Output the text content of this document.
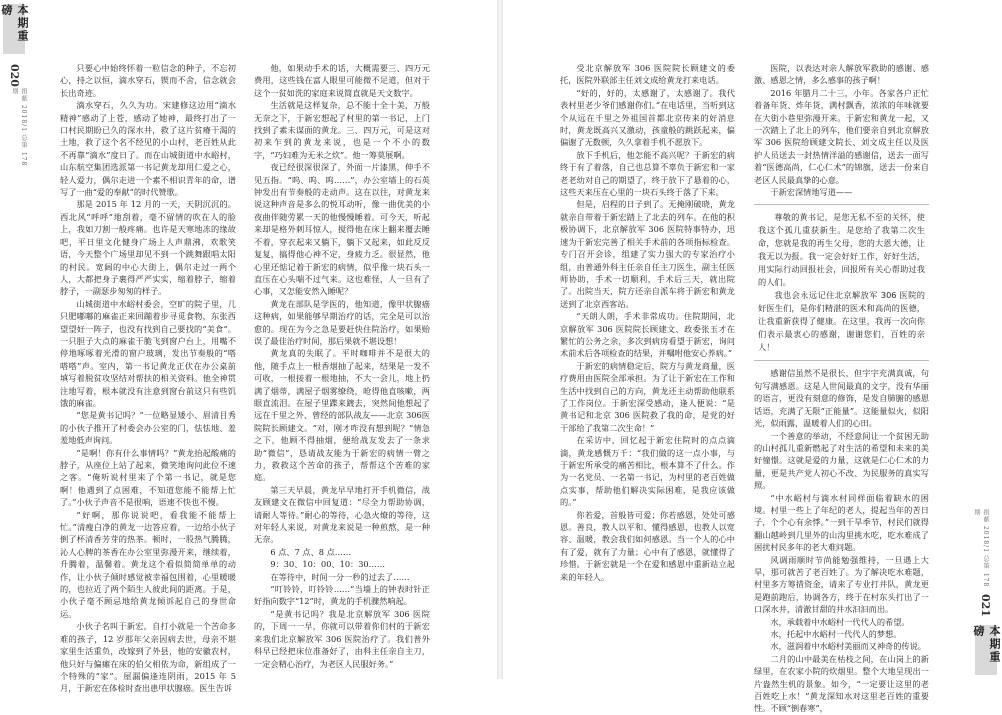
本期重磅
020
捐献 2018/1 总第 178 期

只要心中始终怀着一粒信念的种子，不忘初心，持之以恒，滴水穿石，锲而不舍，信念就会长出奇迹。

滴水穿石，久久为功。宋建修这边用“滴水精神”感动了上苍，感动了她神，最终打出了一口村民期盼已久的深水井，救了这片贫瘠干渴的土地，救了这个名不经见的小山村，老百姓从此不再靠“滴水”度日了。而在山城街道中水峪村，山东航空集团选派第一书记黄龙却用仁爱之心，轻人爱力，偶尔走进一个素不相识青年的命，谱写了一曲“爱的奉献”的时代赞歌。

那是 2015 年 12 月的一天，天阴沉沉的。西北风“呼呼”地刮着，毫不留情的吹在人的脸上，我如刀割一般疼痛。也许是天寒地冻的缘故吧，平日里文化健身广场上人声鼎沸，欢歌笑语，今天整个广场里却见不到一个跳舞跟唱太阳的村民。宽阔的中心大街上，偶尔走过一两个人，大都把身子裹得严严实实，缩着脖子，缩着脖子，一副瑟步匆匆的样子。

山城街道中水峪村委会，空旷的院子里，几只肥嘟嘟的麻雀正来回蹦着步寻觅食物，东张西望望好一阵子，也没有找到自己要找的“美食”。一只胆子大点的麻雀干脆飞到窗户台上，用嘴不停地啄啄着光滑的窗户玻璃，发出节奏般的“嗒嗒嗒”声。室内，第一书记黄龙正伏在办公桌前填写着脱贫攻坚结对帮扶的相关资料。他全神贯注地写着，根本就没有注意到窗台前这只有些饥饿的麻雀。

“您是黄书记吗？”一位略显矮小、眉清目秀的小伙子推开了村委会办公室的门，怯怯地、羞羞地低声询问。

“是啊！你有什么事情吗？”黄龙抬起酸痛的脖子，从座位上站了起来，微笑地询问此位不速之客。“俺听说村里来了个第一书记，就是您啊！他遇到了点困难，不知道您能不能帮上忙了。”小伙子声音不是很响，语速不快也不慢。

“好啊，那你说说吧，看我能不能帮上忙。”清瘦白净的黄龙一边答应着，一边给小伙子倒了杯清香芳芽的热茶。顿时，一股热气腾腾，沁人心脾的茶香在办公室里弥漫开来，继续着，升腾着，温馨着。黄龙这个看似简简单单的动作，让小伙子倾时感觉被幸福包围着，心里暖暖的，也拉近了两个陌生人彼此间的距离。于是，小伙子毫不顾忌地给黄龙倾诉起自己的身世命运。

小伙子名叫于新宏，自打小就是一个苦命多难的孩子，12 岁那年父亲因病去世，母亲不堪家里生活重负，改嫁到了外县，他的安徽农村，他只好与偏瘫在床的伯父相依为命，新组成了一个特殊的“家”。屋漏偏逢连阴雨，2015 年 5 月，于新宏在体检时查出患甲状腺癌。医生告诉

他，如果动手术的话，大概需要三、四万元费用，这些钱在富人眼里可能微不足道，但对于这个一贫如洗的家庭来说简直就是天文数字。

生活就是这样复杂，总不能十全十美，万般无奈之下，于新宏想起了村里的第一书记，上门找到了素未谋面的黄龙。三、四万元，可是这对初来乍到的黄龙来说，也是一个不小的数字，“巧妇难为无米之炊”。他一筹莫展啊。

夜已经很深很深了，外面一片漆黑，伸手不见五指。“呜、呜、呜……”，办公室墙上的石英钟发出有节奏般的走动声。这在以往，对黄龙来说这种声音是多么的悦耳动听，像一曲优美的小夜曲伴随劳累一天的他慢慢睡着。可今天，听起来却是格外刺耳惊人，搅得他在床上翻来覆去睡不着，穿衣起来又躺下，躺下又起来，如此反反复复，搞得他心神不定，身疲力乏。很显然，他心里还惦记着于新宏的病情，似乎像一块石头一直压在心头喘不过气来。这也难怪，人一旦有了心事，又怎能安然入睡呢？

黄龙在部队是学医的，他知道，像甲状腺癌这种病，如果能够早期治疗的话，完全是可以治愈的。现在为今之急是要赶快住院治疗，如果贻误了最佳治疗时间，那后果就不堪设想！

黄龙真的失眠了。平时咖啡并不是很大的他，随手点上一根香烟抽了起来，结果是一发不可收，一根接着一根地抽，不大一会儿，地上扔满了烟蒂，满屋子烟雾缭绕，呛得他直咳嗽，两眼直流泪。在屋子里蹀来踱去，突然间他想起了远在千里之外、曾经的部队战友——北京 306医院院长顾建文。“对，刚才咋没有想到呢？”情急之下，他顾不得抽烟，便给战友发去了一条求助“微信”，恳请战友能为于新宏的病情一臂之力，救救这个苦命的孩子，帮帮这个苦难的家庭。

第三天早晨，黄龙早早地打开手机微信，战友顾建文在微信中回复道：“尽全力帮助协调，请耐人等待。”耐心的等待，心急火燎的等待，这对年轻人来说，对黄龙来说是一种煎熬，是一种无奈。

6 点、7 点、8 点……

9：30、10：00、10：30……

在等待中，时间一分一秒的过去了……

“叮铃铃，叮铃铃……”当墙上的钟表时针正好指向数字“12”时，黄龙的手机骤然响起。

“是黄书记吗？我是北京解放军 306 医院的，下周一一早，你就可以带着你们村的于新宏来我们北京解放军 306 医院治疗了。我们普外科早已经把床位准备好了，由科主任亲自主刀，一定会精心治疗，为老区人民服好务。”

受北京解放军 306 医院院长顾建文的委托，医院外联部主任刘文成给黄龙打来电话。

“好的，好的，太感谢了，太感谢了。我代表村里老少爷们感谢你们。”在电话里，当听到这个从远在千里之外祖国首都北京传来的好消息时，黄龙既高兴又激动，孩童般的跳跃起来，偏偏谢了无数顿，久久拿着手机不愿放下。

放下手机后，他怎能不高兴呢？于新宏的病终于有了着落，自己也总算不辜负于新宏和一家老老幼对自己的期望了，终于放下了悬着的心，这些天来压在心里的一块石头终于落了下来。

但是，启程的日子到了。无掩刚破晓，黄龙就亲自带着于新宏踏上了北去的列车。在他的积极协调下，北京解放军 306 医院特事特办，迅速为于新宏完善了相关手术前的各项指标检查。专门召开会诊，组建了实力强大的专家治疗小组，由普通外科主任亲自任主刀医生，副主任医师协助，手术一切顺利，手术后三天，就出院了。出院当天，院方还亲自派车将于新宏和黄龙送到了北京西客站。

“天朗人朗，手术非常成功。住院期间，北京解放军 306 医院院长顾建文、政委张玉才在繁忙的公务之余，多次到病房看望于新宏，询问术前术后各项检查的结果，并嘱咐他安心养病。”

于新宏的病情稳定后，院方与黄龙商量，医疗费用由医院全部承担。为了让于新宏在工作和生活中找到自己的方向，黄龙还主动帮助他联系了工作岗位。于新宏深受感动，逢人便说：“是黄书记和北京 306 医院救了我的命，是党的好干部给了我第二次生命！”

在采访中，回忆起于新宏住院时的点点滴滴，黄龙感慨万千：“我们做的这一点小事，与于新宏所承受的痛苦相比，根本算不了什么。作为一名党员、一名第一书记，为村里的老百姓做点实事，帮助他们解决实际困难，是我应该做的。”

你若爱，首般皆可爱；你若感恩，处处可感恩。善良，教人以平和、懂得感恩，也教人以宽容、温暖，教会我们如何感恩。当一个人的心中有了爱，就有了力量；心中有了感恩，就懂得了珍惜。于新宏就是一个在爱和感恩中重新站立起来的年轻人。

医院，以表达对亲人解放军救助的感谢、感激、感恩之情，多么感事的孩子啊！

2016 年腊月二十三，小年。各家各户正忙着备年货、炸年货，满村飘香，浓浓的年味就要在大街小巷里弥漫开来。于新宏和黄龙一起，又一次踏上了北上的列车，他们要亲自到北京解放军 306 医院给顾建文院长、刘文成主任以及医护人员送去一封热情洋溢的感谢信，送去一面写着“医德高尚，仁心仁术”的锦旗，送去一份来自老区人民最真挚的心意。

于新宏深情地写道——

尊敬的黄书记，是您无私不至的关怀，使我这个孤儿重获新生。是您给了我第二次生命，您就是我的再生父母，您的大恩大德，让我无以为报。我一定会好好工作，好好生活，用实际行动回报社会，回报所有关心帮助过我的人们。

我也会永远记住北京解放军 306 医院的好医生们，是你们精湛的医术和高尚的医德，让我重新获得了健康。在这里，我再一次向你们表示最衷心的感谢，谢谢您们，百姓的亲人！

感谢信虽然不是很长，但字字充满真诚，句句写满感恩。这是人世间最真的文字，没有华丽的语言，更没有刻意的修饰，是发自肺腑的感恩话语，充满了无限“正能量”。这能量似火，似阳光，似雨露，温暖着人们的心田。

一个善意的举动，不经意间让一个贫困无助的山村孤儿重新燃起了对生活的希望和未来的美好憧憬。这就是爱的力量，这就是仁心仁术的力量，更是共产党人初心不改、为民服务的真实写照。

“中水峪村与滴水村同样面临着缺水的困境。村里一些上了年纪的老人，提起当年的苦日子，个个心有余悸。”一到干旱季节，村民们就得翻山越岭到几里外的山沟里挑水吃，吃水难成了困扰村民多年的老大难问题。

风调雨顺时节尚能勉强维持，一旦遇上大旱，那可就苦了老百姓了。为了解决吃水难题，村里多方筹措资金，请来了专业打井队，黄龙更是跑前跑后，协调各方，终于在村东头打出了一口深水井，清澈甘甜的井水汩汩而出。

水，承载着中水峪村一代代人的希望。

水，托起中水峪村一代代人的梦想。

水，滋润着中水峪村美丽而又神奇的传说。

二月的山中最美在枯枝之间，在山岗上的新绿里，在农家小院的炊烟里。整个大地呈现出一片盎然生机的景象。如今，“一定要让这里的老百姓吃上水！”黄龙深知水对这里老百姓的重要性。不顾“倒春寒”，

本期重磅
021
捐献 2018/1 总第 178 期
